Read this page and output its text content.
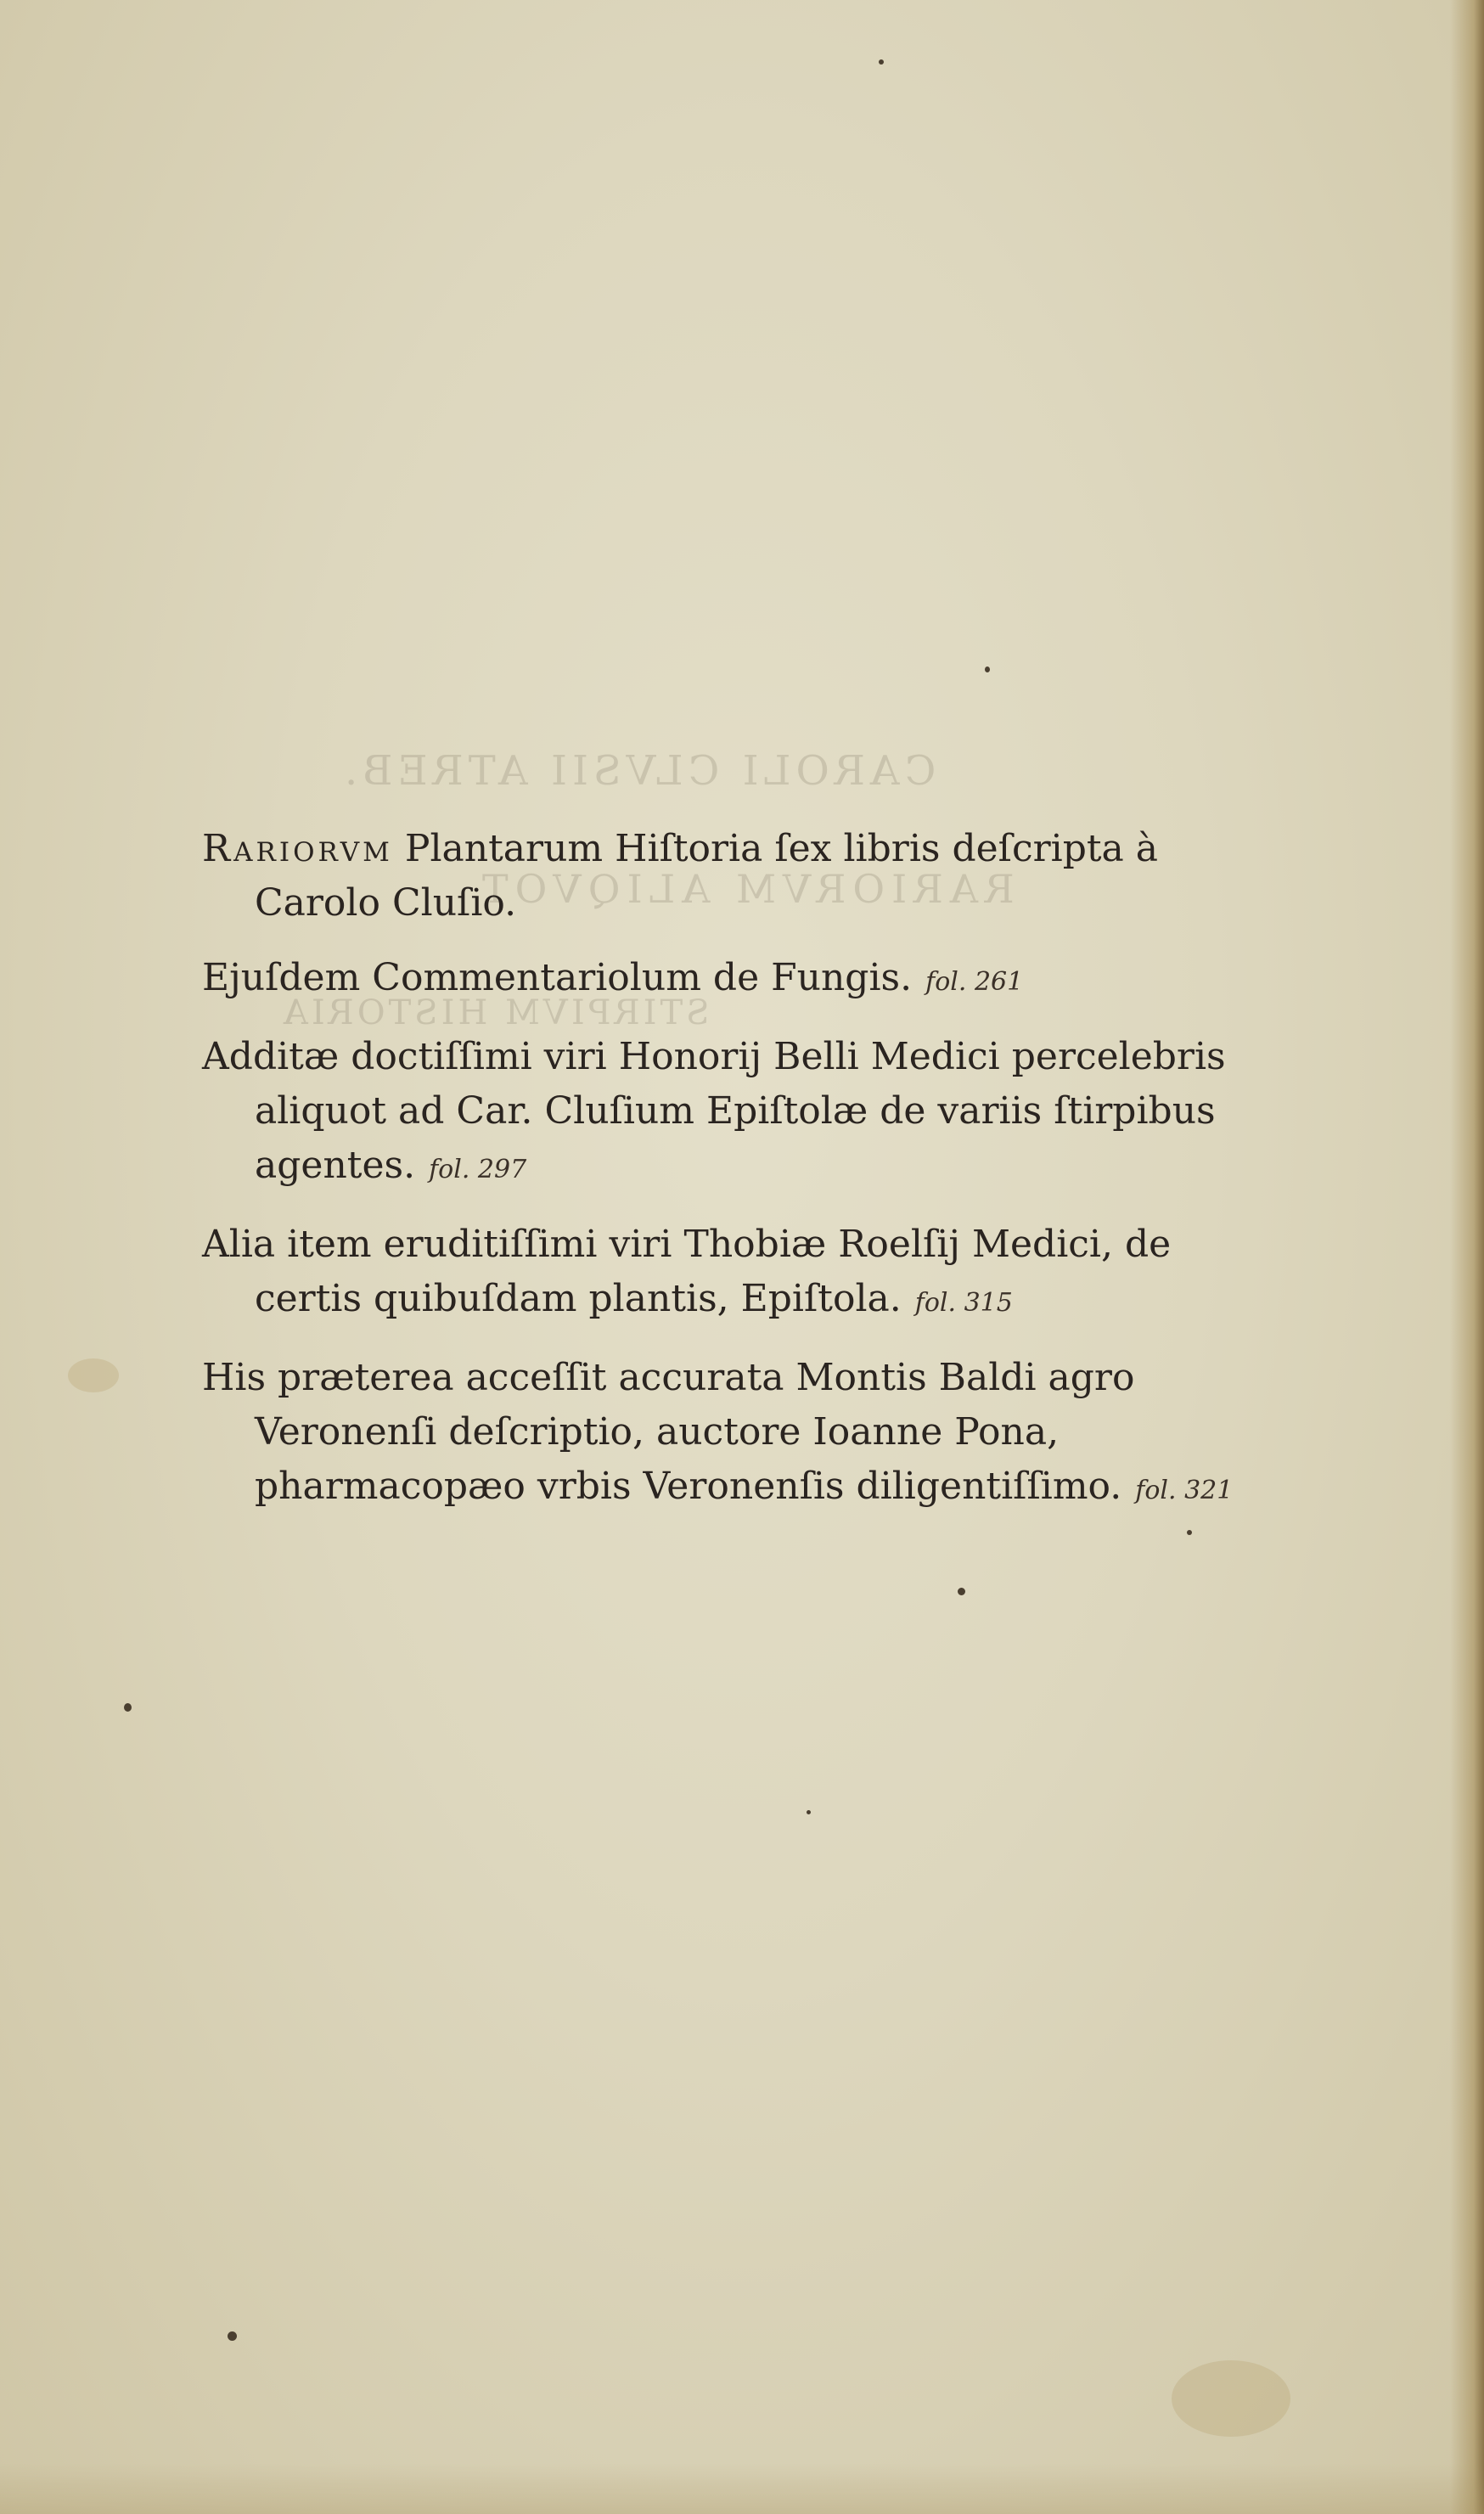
CAROLI CLVSII ATREB.
RARIORVM ALIQVOT
STIRPIVM HISTORIA
Rariorvm Plantarum Hiſtoria ſex libris deſcripta à Carolo Cluſio.
Ejuſdem Commentariolum de Fungis. fol. 261
Additæ doctiſſimi viri Honorij Belli Medici percelebris aliquot ad Car. Cluſium Epiſtolæ de variis ſtirpibus agentes. fol. 297
Alia item eruditiſſimi viri Thobiæ Roelſij Medici, de certis quibuſdam plantis, Epiſtola. fol. 315
His præterea acceſſit accurata Montis Baldi agro Veronenſi deſcriptio, auctore Ioanne Pona, pharmacopæo vrbis Veronenſis diligentiſſimo. fol. 321
